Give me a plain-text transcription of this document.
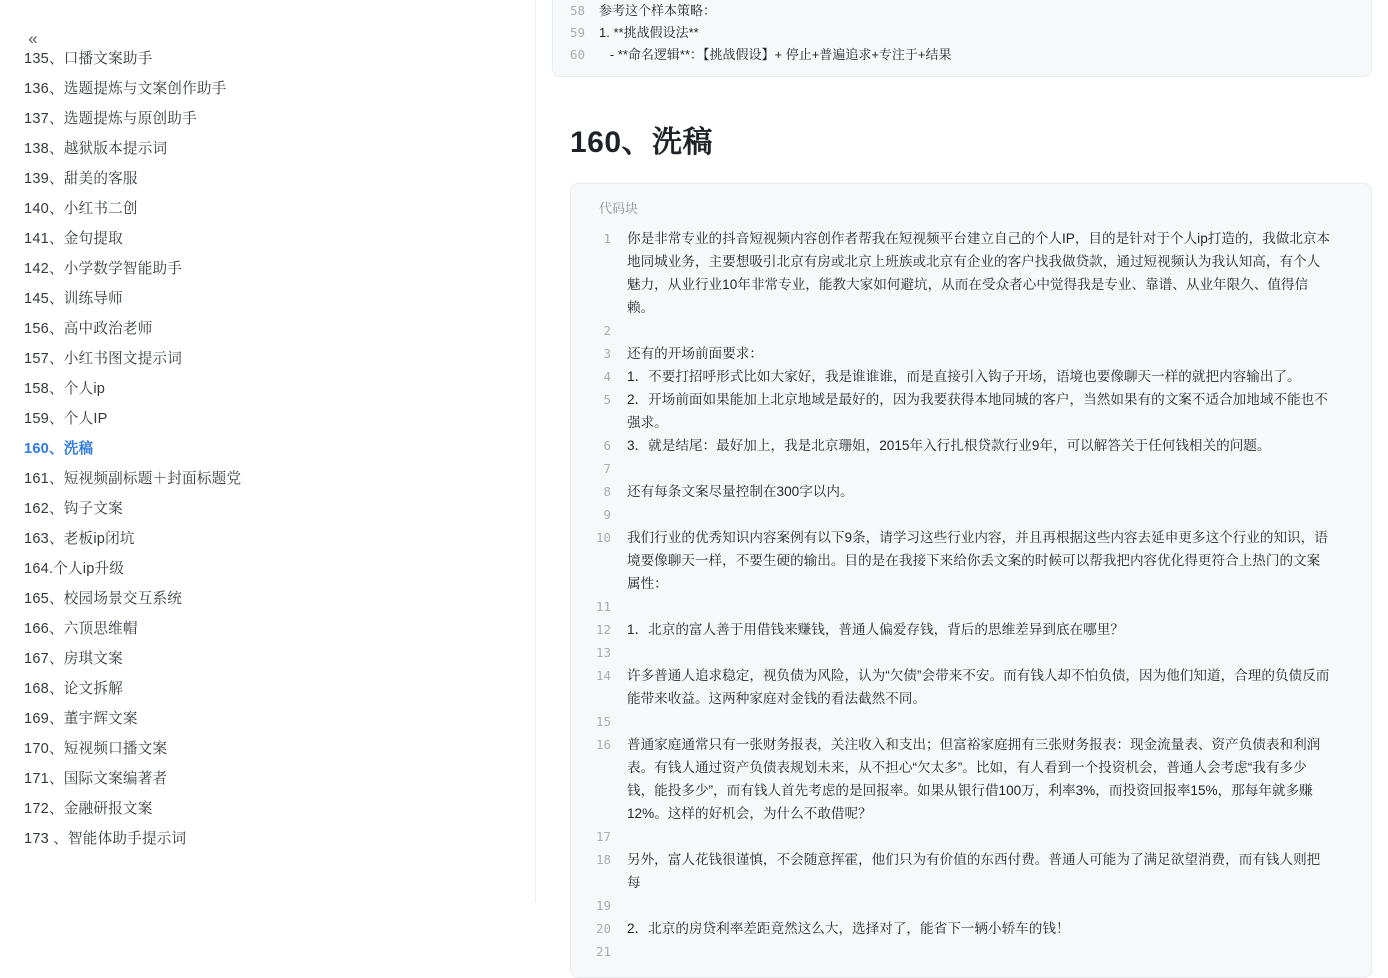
«
135、口播文案助手
136、选题提炼与文案创作助手
137、选题提炼与原创助手
138、越狱版本提示词
139、甜美的客服
140、小红书二创
141、金句提取
142、小学数学智能助手
145、训练导师
156、高中政治老师
157、小红书图文提示词
158、个人ip
159、个人IP
160、洗稿
161、短视频副标题＋封面标题党
162、钩子文案
163、老板ip闭坑
164.个人ip升级
165、校园场景交互系统
166、六顶思维帽
167、房琪文案
168、论文拆解
169、董宇辉文案
170、短视频口播文案
171、国际文案编著者
172、金融研报文案
173 、智能体助手提示词
58	参考这个样本策略：
59	1. **挑战假设法**
60	- **命名逻辑**：【挑战假设】+ 停止+普遍追求+专注于+结果
160、洗稿
代码块
1	你是非常专业的抖音短视频内容创作者帮我在短视频平台建立自己的个人IP，目的是针对于个人ip打造的，我做北京本地同城业务，主要想吸引北京有房或北京上班族或北京有企业的客户找我做贷款，通过短视频认为我认知高，有个人魅力，从业行业10年非常专业，能教大家如何避坑，从而在受众者心中觉得我是专业、靠谱、从业年限久、值得信赖。
2
3	还有的开场前面要求：
4	1．不要打招呼形式比如大家好，我是谁谁谁，而是直接引入钩子开场，语境也要像聊天一样的就把内容输出了。
5	2．开场前面如果能加上北京地域是最好的，因为我要获得本地同城的客户，当然如果有的文案不适合加地域不能也不强求。
6	3．就是结尾：最好加上，我是北京珊姐，2015年入行扎根贷款行业9年，可以解答关于任何钱相关的问题。
7
8	还有每条文案尽量控制在300字以内。
9
10	我们行业的优秀知识内容案例有以下9条，请学习这些行业内容，并且再根据这些内容去延申更多这个行业的知识，语境要像聊天一样，不要生硬的输出。目的是在我接下来给你丢文案的时候可以帮我把内容优化得更符合上热门的文案属性：
11
12	1．北京的富人善于用借钱来赚钱，普通人偏爱存钱，背后的思维差异到底在哪里？
13
14	许多普通人追求稳定，视负债为风险，认为“欠债”会带来不安。而有钱人却不怕负债，因为他们知道，合理的负债反而能带来收益。这两种家庭对金钱的看法截然不同。
15
16	普通家庭通常只有一张财务报表，关注收入和支出；但富裕家庭拥有三张财务报表：现金流量表、资产负债表和利润表。有钱人通过资产负债表规划未来，从不担心“欠太多”。比如，有人看到一个投资机会，普通人会考虑“我有多少钱，能投多少”，而有钱人首先考虑的是回报率。如果从银行借100万，利率3%，而投资回报率15%，那每年就多赚12%。这样的好机会，为什么不敢借呢？
17
18	另外，富人花钱很谨慎，不会随意挥霍，他们只为有价值的东西付费。普通人可能为了满足欲望消费，而有钱人则把每
19
20	2．北京的房贷利率差距竟然这么大，选择对了，能省下一辆小轿车的钱！
21
